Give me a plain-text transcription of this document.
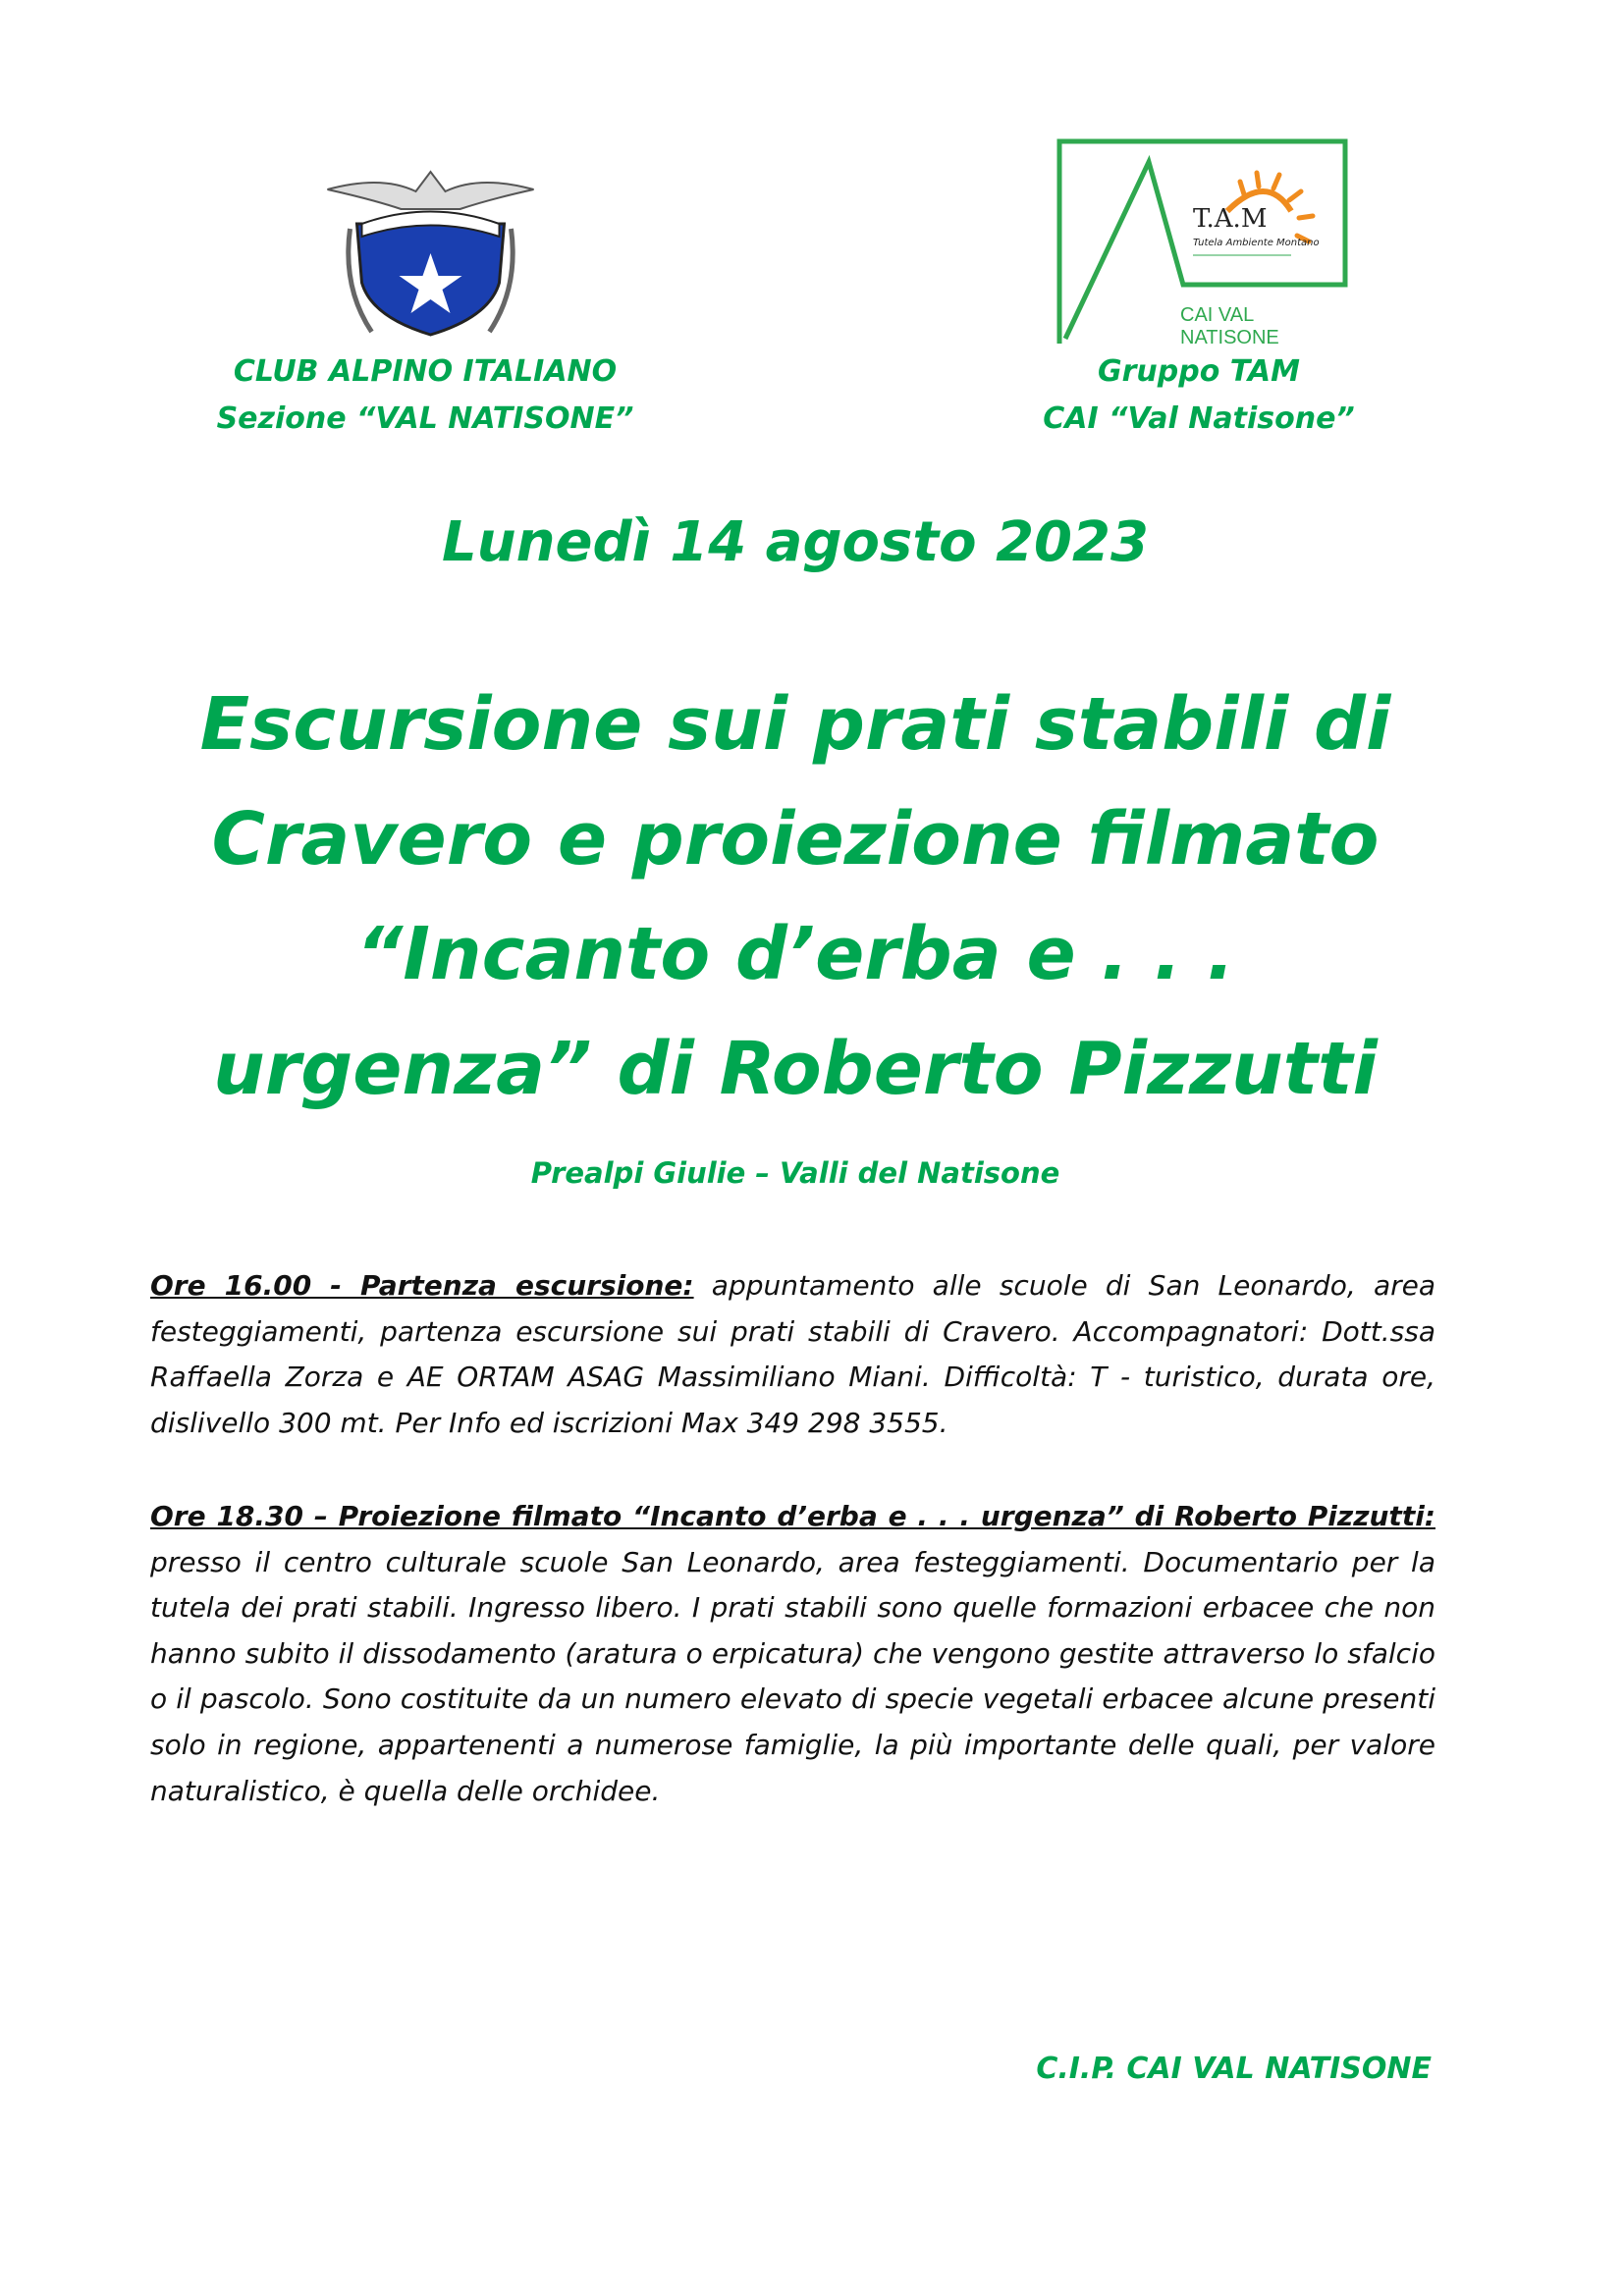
CLUB ALPINO ITALIANO
Sezione “VAL NATISONE”
T.A.M
Tutela Ambiente Montano
CAI VAL NATISONE
Gruppo TAM
CAI “Val Natisone”
Lunedì 14 agosto 2023
Escursione sui prati stabili di
Cravero e proiezione filmato
“Incanto d’erba e . . .
urgenza” di Roberto Pizzutti
Prealpi Giulie – Valli del Natisone
Ore 16.00 - Partenza escursione: appuntamento alle scuole di San Leonardo, area festeggiamenti, partenza escursione sui prati stabili di Cravero. Accompagnatori: Dott.ssa Raffaella Zorza e AE ORTAM ASAG Massimiliano Miani. Difficoltà: T - turistico, durata ore, dislivello 300 mt. Per Info ed iscrizioni Max 349 298 3555.
Ore 18.30 – Proiezione filmato “Incanto d’erba e . . . urgenza” di Roberto Pizzutti: presso il centro culturale scuole San Leonardo, area festeggiamenti. Documentario per la tutela dei prati stabili. Ingresso libero. I prati stabili sono quelle formazioni erbacee che non hanno subito il dissodamento (aratura o erpicatura) che vengono gestite attraverso lo sfalcio o il pascolo. Sono costituite da un numero elevato di specie vegetali erbacee alcune presenti solo in regione, appartenenti a numerose famiglie, la più importante delle quali, per valore naturalistico, è quella delle orchidee.
C.I.P. CAI VAL NATISONE
